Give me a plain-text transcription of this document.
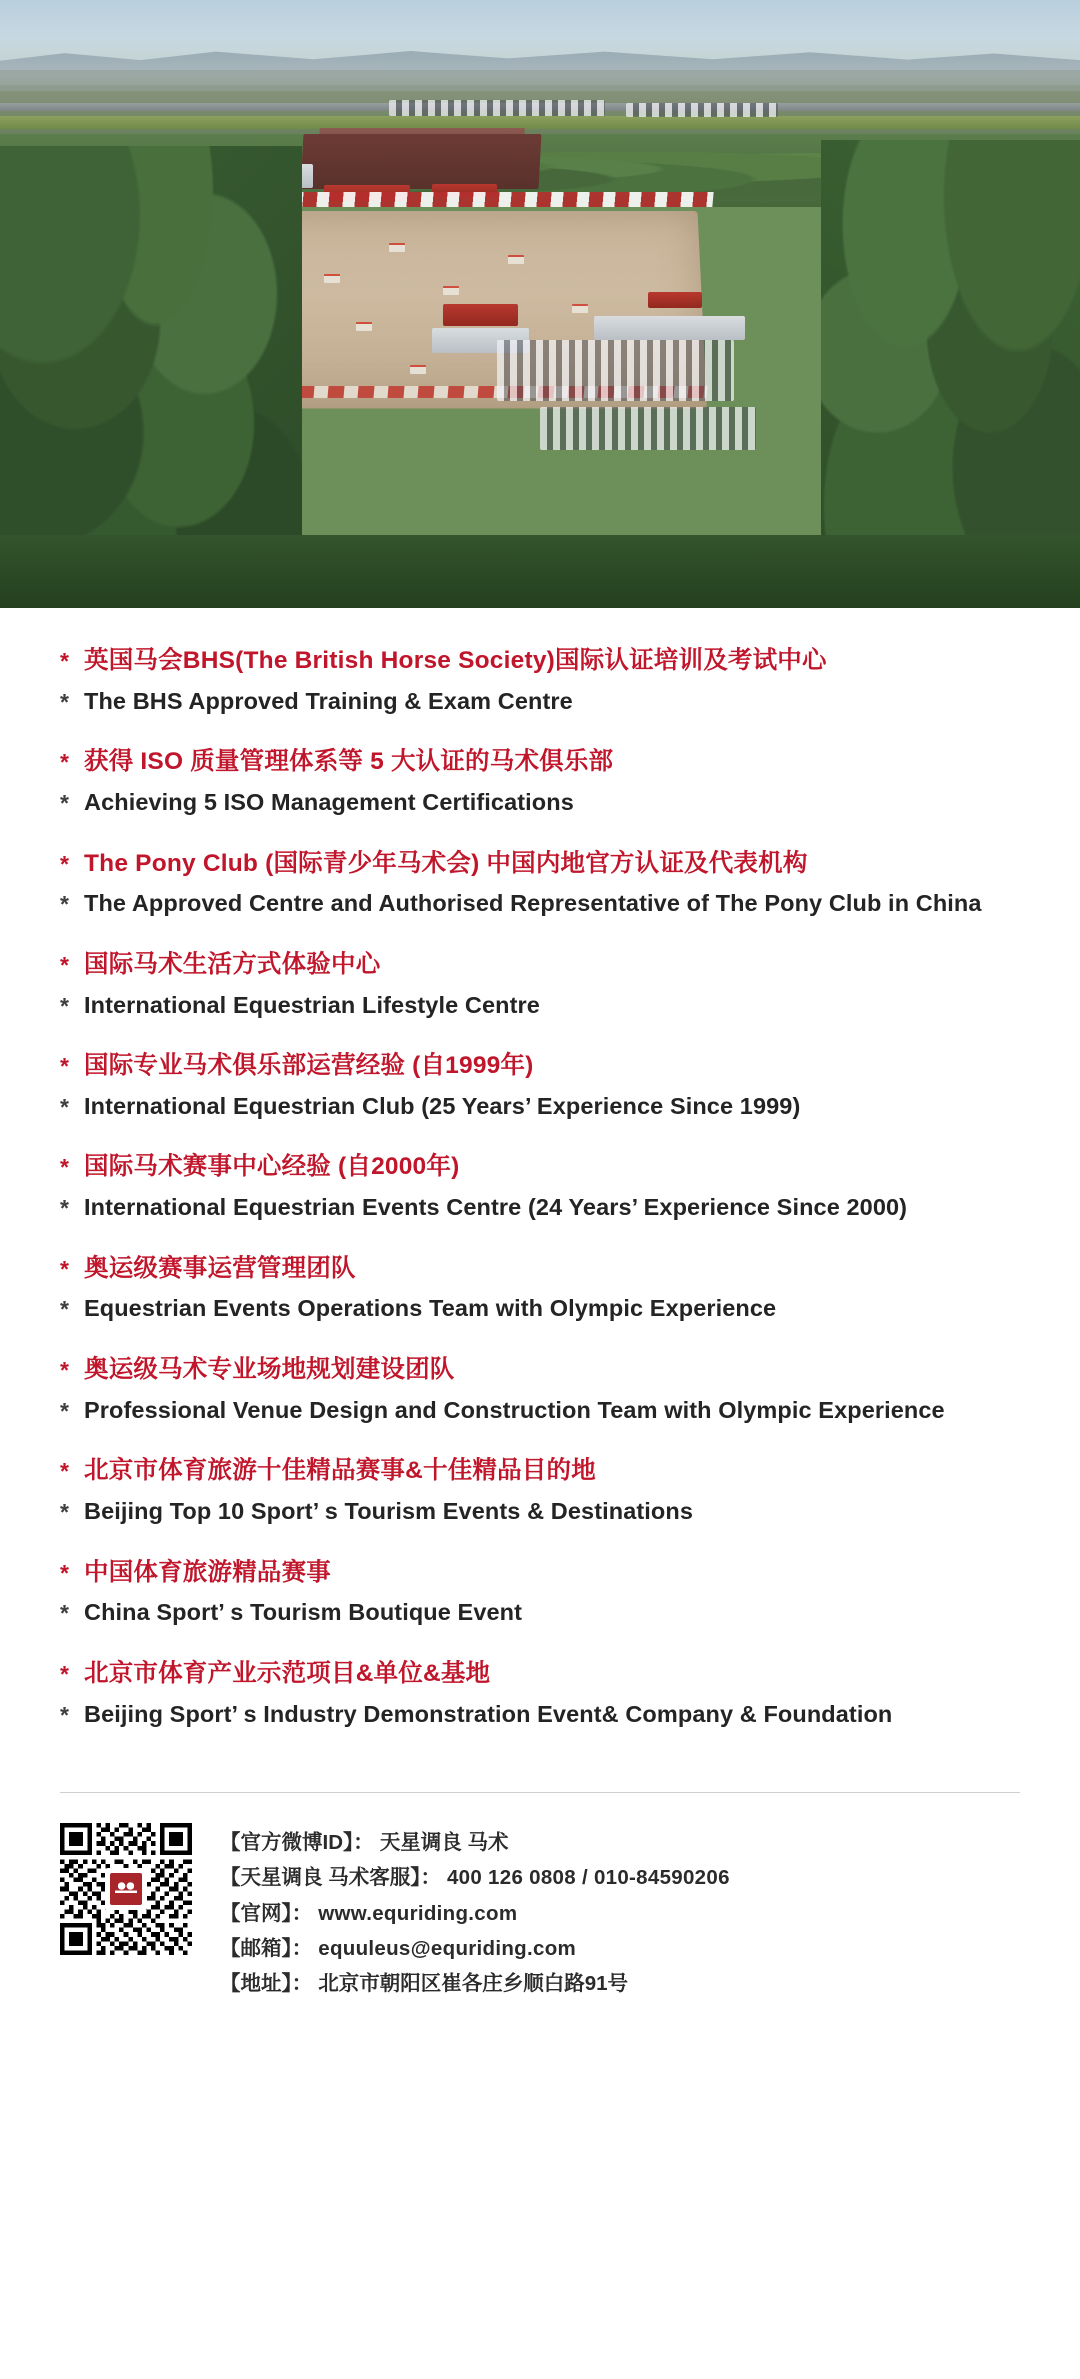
* 英国马会BHS(The British Horse Society)国际认证培训及考试中心
* The BHS Approved Training & Exam Centre
* 获得 ISO 质量管理体系等 5 大认证的马术俱乐部
* Achieving 5 ISO Management Certifications
* The Pony Club (国际青少年马术会) 中国内地官方认证及代表机构
* The Approved Centre and Authorised Representative of The Pony Club in China
* 国际马术生活方式体验中心
* International Equestrian Lifestyle Centre
* 国际专业马术俱乐部运营经验 (自1999年)
* International Equestrian Club (25 Years’ Experience Since 1999)
* 国际马术赛事中心经验 (自2000年)
* International Equestrian Events Centre (24 Years’ Experience Since 2000)
* 奥运级赛事运营管理团队
* Equestrian Events Operations Team with Olympic Experience
* 奥运级马术专业场地规划建设团队
* Professional Venue Design and Construction Team with Olympic Experience
* 北京市体育旅游十佳精品赛事&十佳精品目的地
* Beijing Top 10 Sport’ s Tourism Events & Destinations
* 中国体育旅游精品赛事
* China Sport’ s Tourism Boutique Event
* 北京市体育产业示范项目&单位&基地
* Beijing Sport’ s Industry Demonstration Event& Company & Foundation
【官方微博ID】： 天星调良 马术
【天星调良 马术客服】： 400 126 0808 / 010-84590206
【官网】： www.equriding.com
【邮箱】： equuleus@equriding.com
【地址】： 北京市朝阳区崔各庄乡顺白路91号
